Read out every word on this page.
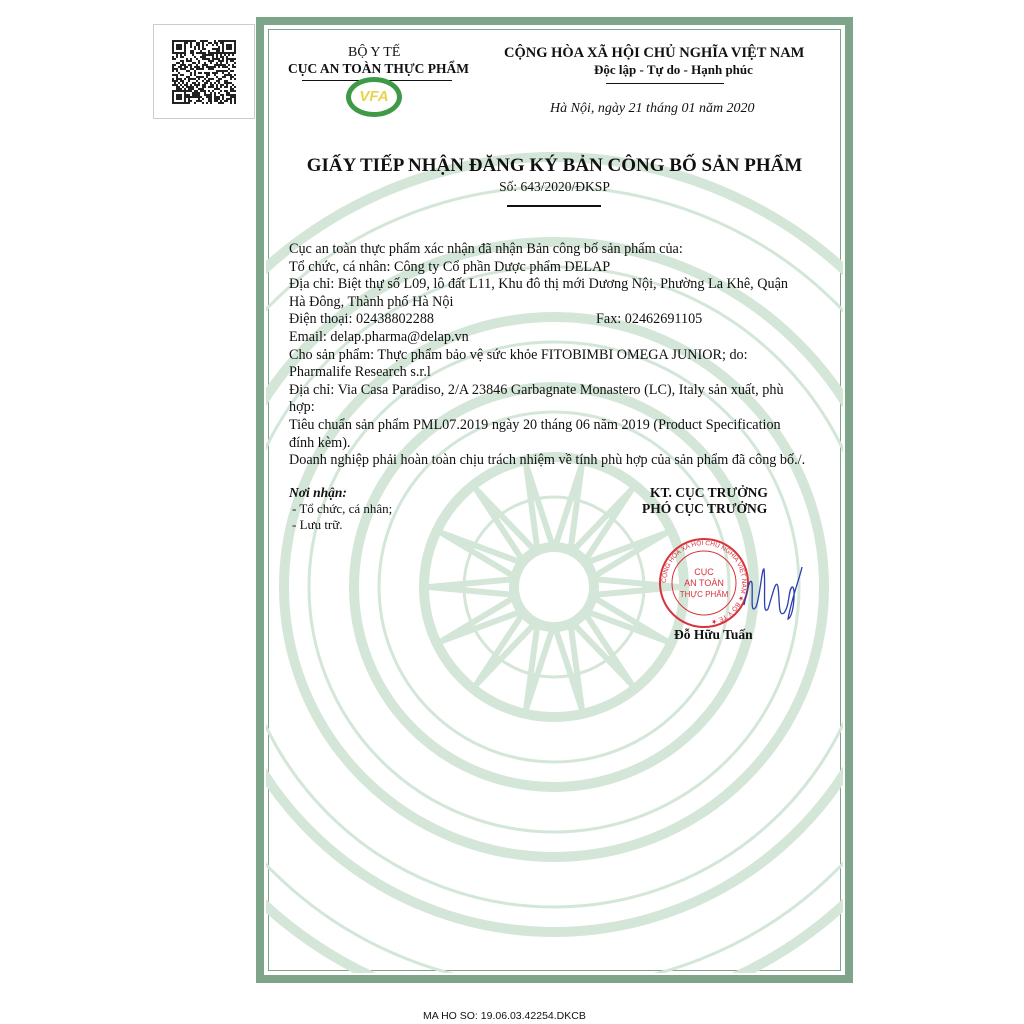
BỘ Y TẾ
CỤC AN TOÀN THỰC PHẨM
VFA
CỘNG HÒA XÃ HỘI CHỦ NGHĨA VIỆT NAM
Độc lập - Tự do - Hạnh phúc
Hà Nội, ngày 21 tháng 01 năm 2020
GIẤY TIẾP NHẬN ĐĂNG KÝ BẢN CÔNG BỐ SẢN PHẨM
Số: 643/2020/ĐKSP
Cục an toàn thực phẩm xác nhận đã nhận Bản công bố sản phẩm của:
Tổ chức, cá nhân: Công ty Cổ phần Dược phẩm DELAP
Địa chỉ: Biệt thự số L09, lô đất L11, Khu đô thị mới Dương Nội, Phường La Khê, Quận
Hà Đông, Thành phố Hà Nội
Điện thoại: 02438802288	Fax: 02462691105
Email: delap.pharma@delap.vn
Cho sản phẩm: Thực phẩm bảo vệ sức khỏe FITOBIMBI OMEGA JUNIOR; do:
Pharmalife Research s.r.l
Địa chỉ: Via Casa Paradiso, 2/A 23846 Garbagnate Monastero (LC), Italy sản xuất, phù
hợp:
Tiêu chuẩn sản phẩm PML07.2019 ngày 20 tháng 06 năm 2019 (Product Specification
đính kèm).
Doanh nghiệp phải hoàn toàn chịu trách nhiệm về tính phù hợp của sản phẩm đã công bố./.
Nơi nhận:
- Tổ chức, cá nhân;
- Lưu trữ.
KT. CỤC TRƯỞNG
PHÓ CỤC TRƯỞNG
CỘNG HÒA XÃ HỘI CHỦ NGHĨA VIỆT NAM ★ BỘ Y TẾ ★
CỤC
AN TOÀN
THỰC PHẨM
Đỗ Hữu Tuấn
MA HO SO: 19.06.03.42254.DKCB
